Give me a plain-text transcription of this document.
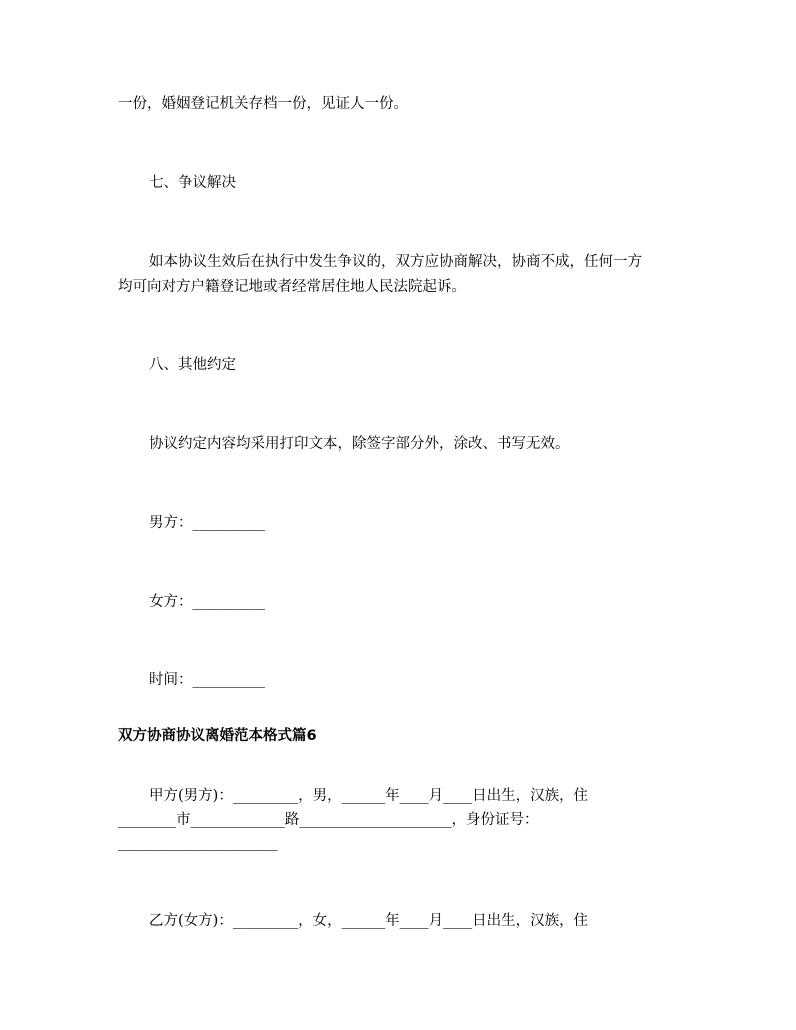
一份，婚姻登记机关存档一份，见证人一份。
七、争议解决
如本协议生效后在执行中发生争议的，双方应协商解决，协商不成，任何一方
均可向对方户籍登记地或者经常居住地人民法院起诉。
八、其他约定
协议约定内容均采用打印文本，除签字部分外，涂改、书写无效。
男方：__________
女方：__________
时间：__________
双方协商协议离婚范本格式篇6
甲方(男方)：_________，男，______年____月____日出生，汉族，住
________市_____________路_____________________，身份证号：
______________________
乙方(女方)：_________，女，______年____月____日出生，汉族，住
